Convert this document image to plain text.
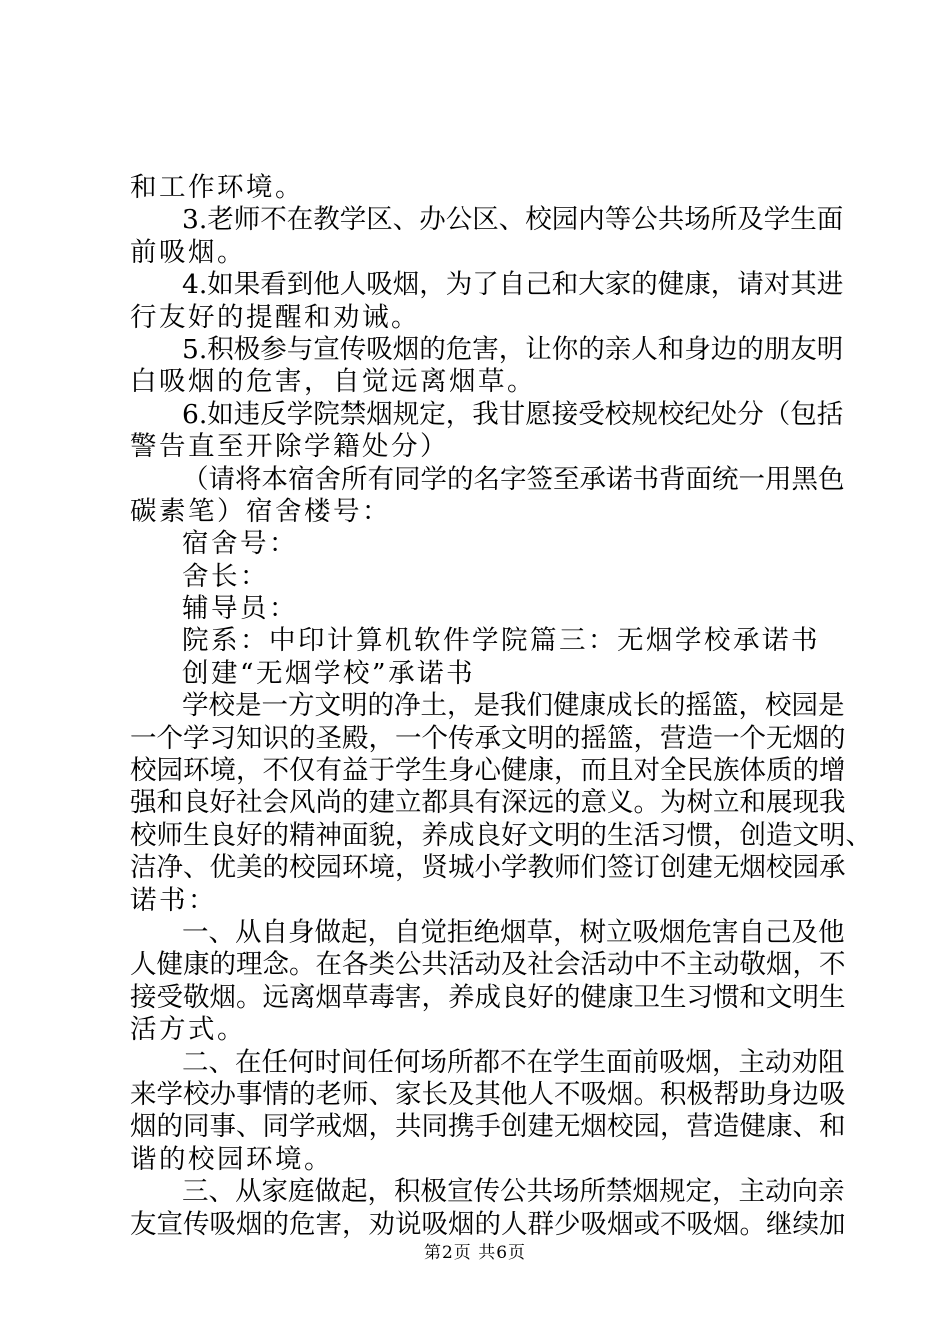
和工作环境。
3.老师不在教学区、办公区、校园内等公共场所及学生面
前吸烟。
4.如果看到他人吸烟，为了自己和大家的健康，请对其进
行友好的提醒和劝诫。
5.积极参与宣传吸烟的危害，让你的亲人和身边的朋友明
白吸烟的危害，自觉远离烟草。
6.如违反学院禁烟规定，我甘愿接受校规校纪处分（包括
警告直至开除学籍处分）
（请将本宿舍所有同学的名字签至承诺书背面统一用黑色
碳素笔）宿舍楼号：
宿舍号：
舍长：
辅导员：
院系：中印计算机软件学院篇三：无烟学校承诺书
创建“无烟学校”承诺书
学校是一方文明的净土，是我们健康成长的摇篮，校园是
一个学习知识的圣殿，一个传承文明的摇篮，营造一个无烟的
校园环境，不仅有益于学生身心健康，而且对全民族体质的增
强和良好社会风尚的建立都具有深远的意义。为树立和展现我
校师生良好的精神面貌，养成良好文明的生活习惯，创造文明、
洁净、优美的校园环境，贤城小学教师们签订创建无烟校园承
诺书：
一、从自身做起，自觉拒绝烟草，树立吸烟危害自己及他
人健康的理念。在各类公共活动及社会活动中不主动敬烟，不
接受敬烟。远离烟草毒害，养成良好的健康卫生习惯和文明生
活方式。
二、在任何时间任何场所都不在学生面前吸烟，主动劝阻
来学校办事情的老师、家长及其他人不吸烟。积极帮助身边吸
烟的同事、同学戒烟，共同携手创建无烟校园，营造健康、和
谐的校园环境。
三、从家庭做起，积极宣传公共场所禁烟规定，主动向亲
友宣传吸烟的危害，劝说吸烟的人群少吸烟或不吸烟。继续加
第2页 共6页
